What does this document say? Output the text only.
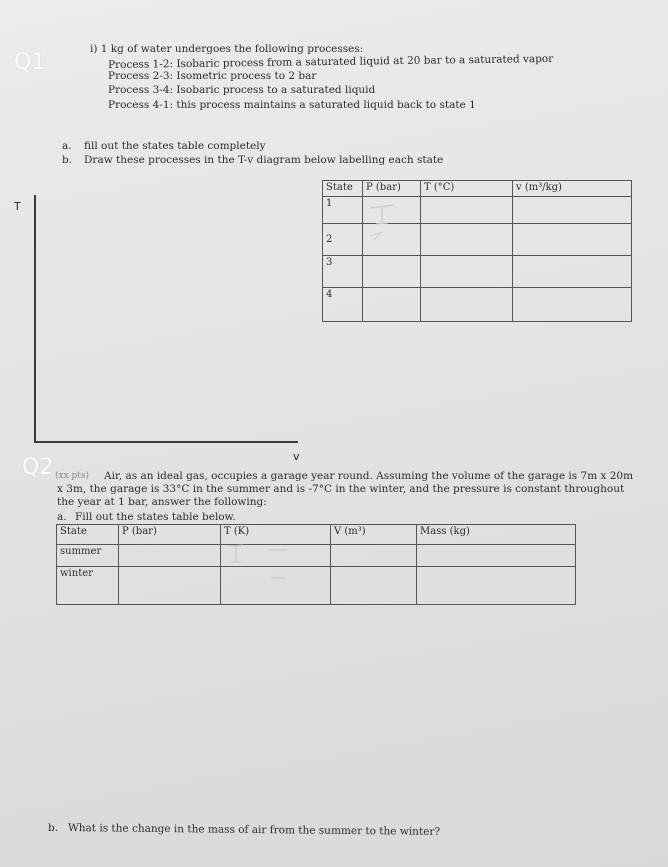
Q1
i) 1 kg of water undergoes the following processes:
Process 1-2: Isobaric process from a saturated liquid at 20 bar to a saturated vapor
Process 2-3: Isometric process to 2 bar
Process 3-4: Isobaric process to a saturated liquid
Process 4-1: this process maintains a saturated liquid back to state 1
a. fill out the states table completely
b. Draw these processes in the T-v diagram below labelling each state
T
v
State	P (bar)	T (°C)	v (m³/kg)
1			
2			
3			
4			
Q2 (xx pts) Air, as an ideal gas, occupies a garage year round. Assuming the volume of the garage is 7m x 20m
x 3m, the garage is 33°C in the summer and is -7°C in the winter, and the pressure is constant throughout
the year at 1 bar, answer the following:
a. Fill out the states table below.
State	P (bar)	T (K)	V (m³)	Mass (kg)
summer				
winter				
b. What is the change in the mass of air from the summer to the winter?
